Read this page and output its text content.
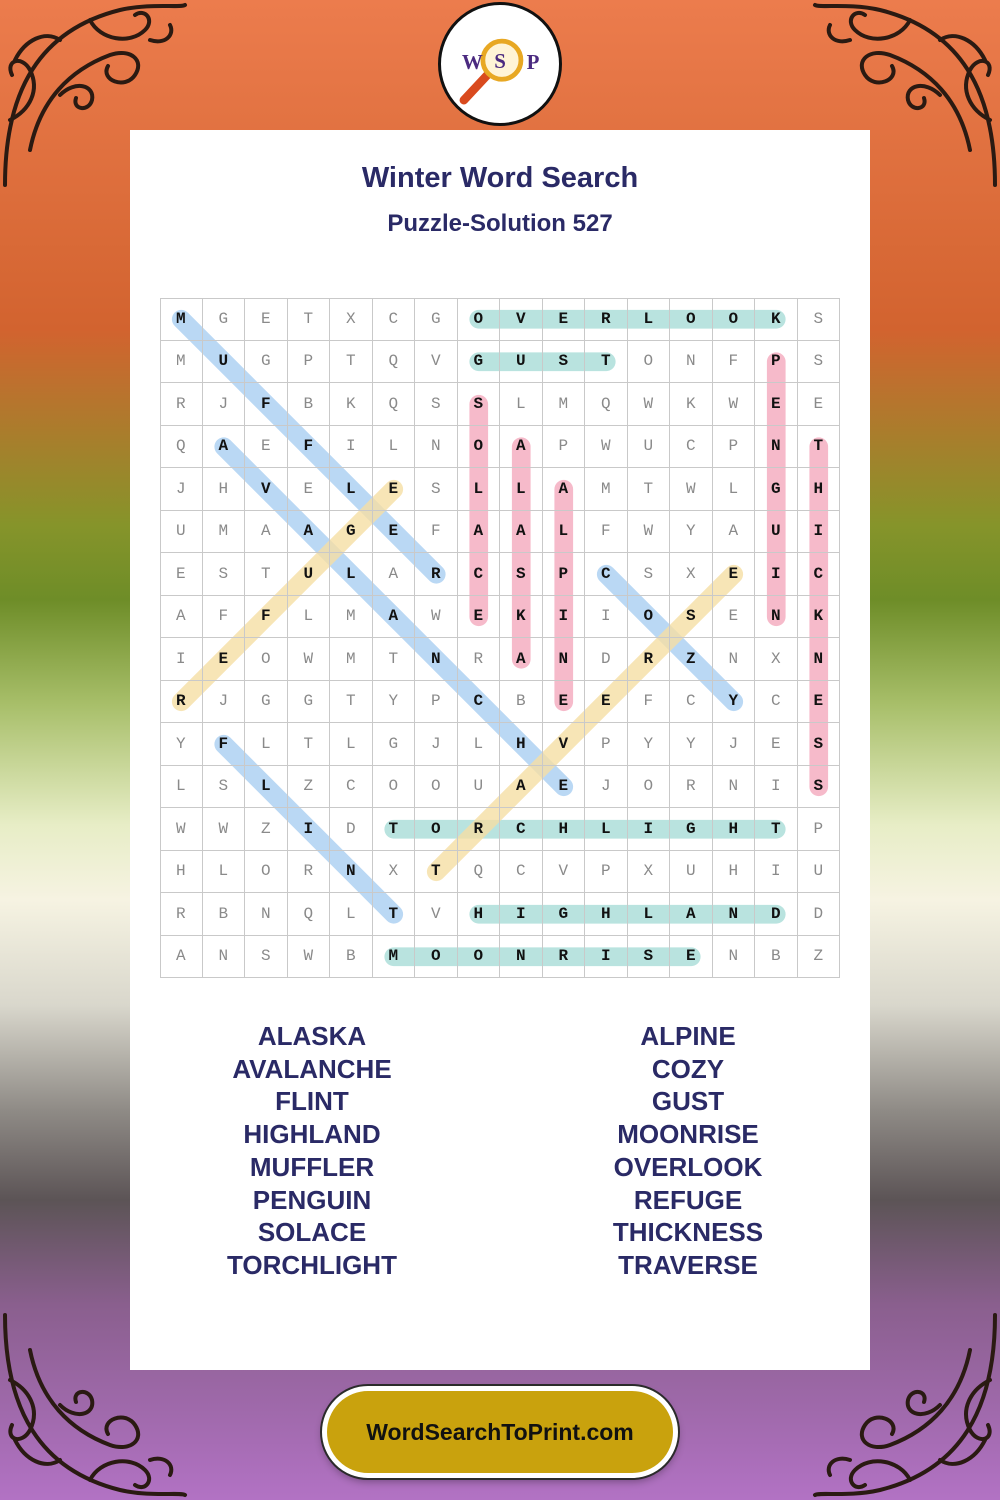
W S P
Winter Word Search
Puzzle-Solution 527
M	G	E	T	X	C	G	O	V	E	R	L	O	O	K	S
M	U	G	P	T	Q	V	G	U	S	T	O	N	F	P	S
R	J	F	B	K	Q	S	S	L	M	Q	W	K	W	E	E
Q	A	E	F	I	L	N	O	A	P	W	U	C	P	N	T
J	H	V	E	L	E	S	L	L	A	M	T	W	L	G	H
U	M	A	A	G	E	F	A	A	L	F	W	Y	A	U	I
E	S	T	U	L	A	R	C	S	P	C	S	X	E	I	C
A	F	F	L	M	A	W	E	K	I	I	O	S	E	N	K
I	E	O	W	M	T	N	R	A	N	D	R	Z	N	X	N
R	J	G	G	T	Y	P	C	B	E	E	F	C	Y	C	E
Y	F	L	T	L	G	J	L	H	V	P	Y	Y	J	E	S
L	S	L	Z	C	O	O	U	A	E	J	O	R	N	I	S
W	W	Z	I	D	T	O	R	C	H	L	I	G	H	T	P
H	L	O	R	N	X	T	Q	C	V	P	X	U	H	I	U
R	B	N	Q	L	T	V	H	I	G	H	L	A	N	D	D
A	N	S	W	B	M	O	O	N	R	I	S	E	N	B	Z
ALASKA
AVALANCHE
FLINT
HIGHLAND
MUFFLER
PENGUIN
SOLACE
TORCHLIGHT
ALPINE
COZY
GUST
MOONRISE
OVERLOOK
REFUGE
THICKNESS
TRAVERSE
WordSearchToPrint.com
